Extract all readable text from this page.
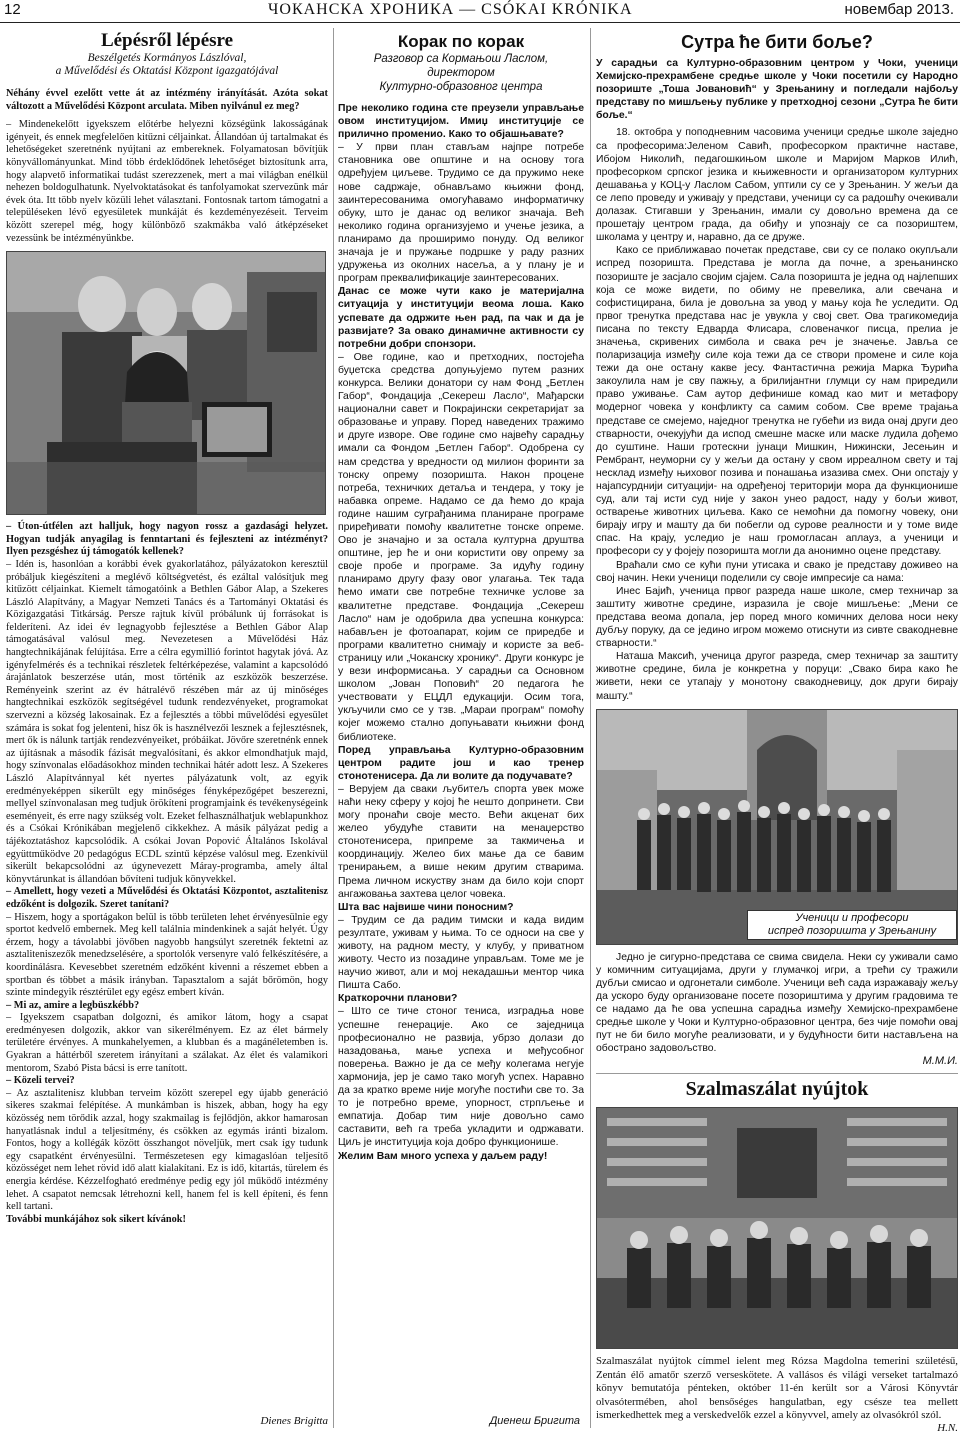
12	ЧОКАНСКА ХРОНИКА — CSÓKAI KRÓNIKA	новембар 2013.
Lépésről lépésre
Beszélgetés Kormányos Lászlóval,
a Művelődési és Oktatási Központ igazgatójával

Néhány évvel ezelőtt vette át az intézmény irányítását. Azóta sokat változott a Művelődési Központ arculata. Miben nyilvánul ez meg?

– Mindenekelőtt igyekszem előtérbe helyezni községünk lakosságának igényeit, és ennek megfelelően kitűzni céljainkat. Állandóan új tartalmakat és lehetőségeket szeretnénk nyújtani az embereknek. Folyamatosan bővítjük könyvállományunkat. Mind több érdeklődőnek lehetőséget biztosítunk arra, hogy alapvető informatikai tudást szerezzenek, mert a mai világban enélkül nehezen boldogulhatunk. Nyelvoktatásokat és tanfolyamokat szervezünk már évek óta. Itt több nyelv közüli lehet választani. Fontosnak tartom támogatni a településeken lévő egyesületek munkáját és kezdeményezéseit. Terveim között szerepel még, hogy különböző szakmákba való átképzéseket vezessünk be intézményünkbe.

– Úton-útfélen azt halljuk, hogy nagyon rossz a gazdasági helyzet. Hogyan tudják anyagilag is fenntartani és fejleszteni az intézményt? Ilyen pezsgéshez új támogatók kellenek?

– Idén is, hasonlóan a korábbi évek gyakorlatához, pályázatokon keresztül próbáljuk kiegészíteni a meglévő költségvetést, és ezáltal valósítjuk meg kitűzött céljainkat. Kiemelt támogatóink a Bethlen Gábor Alap, a Szekeres László Alapítvány, a Magyar Nemzeti Tanács és a Tartományi Oktatási és Közigazgatási Titkárság. Persze rajtuk kívül próbálunk új forrásokat is felderíteni. Az idei év legnagyobb fejlesztése a Bethlen Gábor Alap támogatásával valósul meg. Nevezetesen a Művelődési Ház hangtechnikájának felújítása. Erre a célra egymillió forintot hagytak jóvá. Az igényfelmérés és a technikai részletek feltérképezése, valamint a kapcsolódó árajánlatok beszerzése után, most történik az eszközök beszerzése. Reményeink szerint az év hátralévő részében már az új minőséges hangtechnikai eszközök segítségével tudunk rendezvényeket, programokat szervezni a község lakosainak. Ez a fejlesztés a többi művelődési egyesület számára is sokat fog jelenteni, hisz ők is hasznélvezői lesznek a fejlesztésnek, mert ők is nálunk tartják rendezvényeiket, próbáikat. Jövőre szeretnénk ennek az újításnak a második fázisát megvalósítani, és akkor elmondhatjuk majd, hogy színvonalas előadásokhoz minden technikai hátér adott lesz. A Szekeres László Alapítvánnyal két nyertes pályázatunk volt, az egyik eredményeképpen sikerült egy minőséges fényképezőgépet beszerezni, mellyel színvonalasan meg tudjuk örökíteni programjaink és tevékenységeink eseményeit, és erre nagy szükség volt. Ezeket felhasználhatjuk weblapunkhoz és a Csókai Krónikában megjelenő cikkekhez. A másik pályázat pedig a tájékoztatáshoz kapcsolódik. A csókai Jovan Popović Általános Iskolával együttműködve 20 pedagógus ECDL szintű képzése valósul meg. Ezenkívül sikerült bekapcsolódni az úgynevezett Máray-programba, amely által könyvtárunkat is állandóan bővíteni tudjuk könyvekkel.

– Amellett, hogy vezeti a Művelődési és Oktatási Központot, asztalitenisz edzőként is dolgozik. Szeret tanítani?

– Hiszem, hogy a sportágakon belül is több területen lehet érvényesülnie egy sportot kedvelő embernek. Meg kell találnia mindenkinek a saját helyét. Úgy érzem, hogy a távolabbi jövőben nagyobb hangsúlyt szeretnék fektetni az asztaliteniszezők menedzselésére, a sportolók versenyre való felkészítésére, a koordinálásra. Kevesebbet szeretném edzőként kivenni a részemet ebben a sportban és többet a másik irányban. Tapasztalom a saját bőrömön, hogy szinte mindegyik résztérület egy egész embert kíván.

– Mi az, amire a legbüszkébb?

– Igyekszem csapatban dolgozni, és amikor látom, hogy a csapat eredményesen dolgozik, akkor van sikerélményem. Ez az élet bármely területére érvényes. A munkahelyemen, a klubban és a magánéletemben is. Gyakran a háttérből szeretem irányítani a szálakat. Az élet és valamikori mentorom, Szabó Pista bácsi is erre tanított.

– Közeli tervei?

– Az asztalitenisz klubban terveim között szerepel egy újabb generáció sikeres szakmai felépítése. A munkámban is hiszek, abban, hogy ha egy közösség nem törődik azzal, hogy szakmailag is fejlődjön, akkor hamarosan hanyatlásnak indul a teljesítmény, és csökken az egymás iránti bizalom. Fontos, hogy a kollégák között összhangot növeljük, mert csak így tudunk egy csapatként érvényesülni. Természetesen egy kimagaslóan teljesítő közösséget nem lehet rövid idő alatt kialakítani. Ez is idő, kitartás, türelem és energia kérdése. Kézzelfogható eredménye pedig egy jól működő intézmény lehet. A csapatot nemcsak létrehozni kell, hanem fel is kell építeni, és fenn kell tartani.

További munkájához sok sikert kívánok!

Корак по корак
Разговор са Кормањош Ласлом,
директором
Културно-образовног центра

Пре неколико година сте преузели управљање овом институцијом. Имиџ институције се прилично променио. Како то објашњавате?

– У први план стављам најпре потребе становника ове општине и на основу тога одређујем циљеве. Трудимо се да пружимо неке нове садржаје, обнављамо књижни фонд, заинтересованима омогућавамо информатичку обуку, што је данас од великог значаја. Већ неколико година организујемо и учење језика, а планирамо да проширимо понуду. Од великог значаја је и пружање подршке у раду разних удружења из околних насеља, а у плану је и програм преквалификације заинтересованих.

Данас се може чути како је материјална ситуација у институцији веома лоша. Како успевате да одржите њен рад, па чак и да је развијате? За овако динамичне активности су потребни добри спонзори.

– Ове године, као и претходних, постојећа буџетска средства допуњујемо путем разних конкурса. Велики донатори су нам Фонд „Бетлен Габор“, Фондација „Секереш Ласло“, Мађарски национални савет и Покрајински секретаријат за образовање и управу. Поред наведених тражимо и друге изворе. Ове године смо највећу сарадњу имали са Фондом „Бетлен Габор“. Одобрена су нам средства у вредности од милион форинти за тонску опрему позоришта. Након процене потреба, техничких детаља и тендера, у току је набавка опреме. Надамо се да ћемо до краја године нашим суграђанима планиране програме приређивати помоћу квалитетне тонске опреме. Ово је значајно и за остала културна друштва општине, јер ће и они користити ову опрему за своје пробе и програме. За идућу годину планирамо другу фазу овог улагања. Тек тада ћемо имати све потребне техничке услове за квалитетне представе. Фондација „Секереш Ласло“ нам је одобрила два успешна конкурса: набављен је фотоапарат, којим се приредбе и програми квалитетно снимају и користе за веб-страницу или „Чоканску хронику“. Други конкурс је у вези информисања. У сарадњи са Основном школом „Јован Поповић“ 20 педагога ће учествовати у ЕЦДЛ едукацији. Осим тога, укључили смо се у тзв. „Мараи програм“ помоћу којег можемо стално допуњавати књижни фонд библиотеке.

Поред управљања Културно-образовним центром радите још и као тренер стонотенисера. Да ли волите да подучавате?

– Верујем да сваки љубитељ спорта увек може наћи неку сферу у којој ће нешто допринети. Сви могу пронаћи своје место. Већи акценат бих желео убудуће ставити на менаџерство стонотенисера, припреме за такмичења и координацију. Желео бих мање да се бавим тренирањем, а више неким другим стварима. Према личном искуству знам да било који спорт ангажовања захтева целог човека.

Шта вас највише чини поносним?

– Трудим се да радим тимски и када видим резултате, уживам у њима. То се односи на све у животу, на радном месту, у клубу, у приватном животу. Често из позадине управљам. Томе ме је научио живот, али и мој некадашњи ментор чика Пишта Сабо.

Краткорочни планови?

– Што се тиче стоног тениса, изградња нове успешне генерације. Ако се заједница професионално не развија, убрзо долази до назадовања, мање успеха и међусобног поверења. Важно је да се међу колегама негује хармонија, јер је само тако могућ успех. Наравно да за кратко време није могуће постићи све то. За то је потребно време, упорност, стрпљење и емпатија. Добар тим није довољно само саставити, већ га треба укладити и одржавати. Циљ је институција која добро функционише.

Желим Вам много успеха у даљем раду!

Dienes Brigitta	Диенеш Бригита
Сутра ће бити боље?

У сарадњи са Културно-образовним центром у Чоки, ученици Хемијско-прехрамбене средње школе у Чоки посетили су Народно позориште „Тоша Јовановић“ у Зрењанину и погледали најбољу представу по мишљењу публике у претходној сезони „Сутра ће бити боље.“

18. октобра у поподневним часовима ученици средње школе заједно са професорима:Јеленом Савић, професорком практичне наставе, Ибојом Николић, педагошкињом школе и Маријом Марков Илић, професорком српског језика и књижевности и организатором културних дешавања у КОЦ-у Ласлом Сабом, уптили су се у Зрењанин. У жељи да се лепо проведу и уживају у представи, ученици су са радошћу очекивали долазак. Стигавши у Зрењанин, имали су довољно времена да се прошетају центром града, да обиђу и упознају се са позориштем, школама у центру и, наравно, да се друже.

Како се приближавао почетак представе, сви су се полако окупљали испред позоришта. Представа је могла да почне, а зрењанинско позориште је засјало својим сјајем. Сала позоришта је једна од најлепших која се може видети, по обиму не превелика, али свечана и софистицирана, била је довољна за увод у мању која ће уследити. Од првог тренутка представа нас је увукла у свој свет. Ова трагикомедија писана по тексту Едварда Флисара, словеначког писца, прелиа је значења, скривених симбола и свака реч је значење. Јавља се поларизација између силе која тежи да се створи промене и силе која тежи да оне остану какве јесу. Фантастична режија Марка Ђурића закоулила нам је сву пажњу, а брилијантни глумци су нам приредили право уживање. Сам аутор дефинише комад као мит и метафору модерног човека у конфликту са самим собом. Све време трајања представе се смејемо, наједног тренутка не губећи из вида онај други део стварности, очекујући да испод смешне маске или маске лудила дођемо до суштине. Наши гротескни јунаци Мишкин, Нижински, Јесењин и Рембрант, неуморни су у жељи да остану у свом ирреалном свету и тај несклад између њиховог позива и понашања изазива смех. Они опстају у најапсурднији ситуацији- на одређеној територији мора да функционише суд, али тај исти суд није у закон унео радост, наду у бољи живот, остварење животних циљева. Како се немоћни да помогну човеку, они бирају игру и машту да би побегли од сурове реалности и у томе виде спас. На крају, уследио је наш громогласан аплауз, а ученици и професори су у фојеју позоришта могли да анонимно оцене представу.

Враћали смо се кући пуни утисака и свако је представу доживео на свој начин. Неки ученици поделили су своје импресије са нама:

Инес Бајић, ученица првог разреда наше школе, смер техничар за заштиту животне средине, изразила је своје мишљење: „Мени се представа веома допала, јер поред много комичних делова носи неку дубљу поруку, да се једино игром можемо отиснути из сивте свакодневне стварности.“

Наташа Максић, ученица другог разреда, смер техничар за заштиту животне средине, била је конкретна у поруци: „Свако бира како ће живети, неки се утапају у монотону свакодневицу, док други бирају машту.“

Ученици и професори
испред позоришта у Зрењанину

Једно је сигурно-представа се свима свидела. Неки су уживали само у комичним ситуацијама, други у глумачкој игри, а трећи су тражили дубљи смисао и одгонетали симболе. Ученици већ сада изражавају жељу да ускоро буду организоване посете позориштима у другим градовима те се надамо да ће ова успешна сарадња између Хемијско-прехрамбене средње школе у Чоки и Културно-образовног центра, без чије помоћи овај пут не би било могуће реализовати, и у будућности бити настављена на обострано задовољство.

М.М.И.
Szalmaszálat nyújtok

Szalmaszálat nyújtok címmel ielent meg Rózsa Magdolna temerini születésű, Zentán élő amatőr szerző verseskötete. A vallásos és világi verseket tartalmazó könyv bemutatója pénteken, október 11-én került sor a Városi Könyvtár olvasótermében, ahol bensőséges hangulatban, egy csésze tea mellett ismerkedhettek meg a verskedvelők ezzel a könyvvel, amely az olvasókról szól.

H.N.
